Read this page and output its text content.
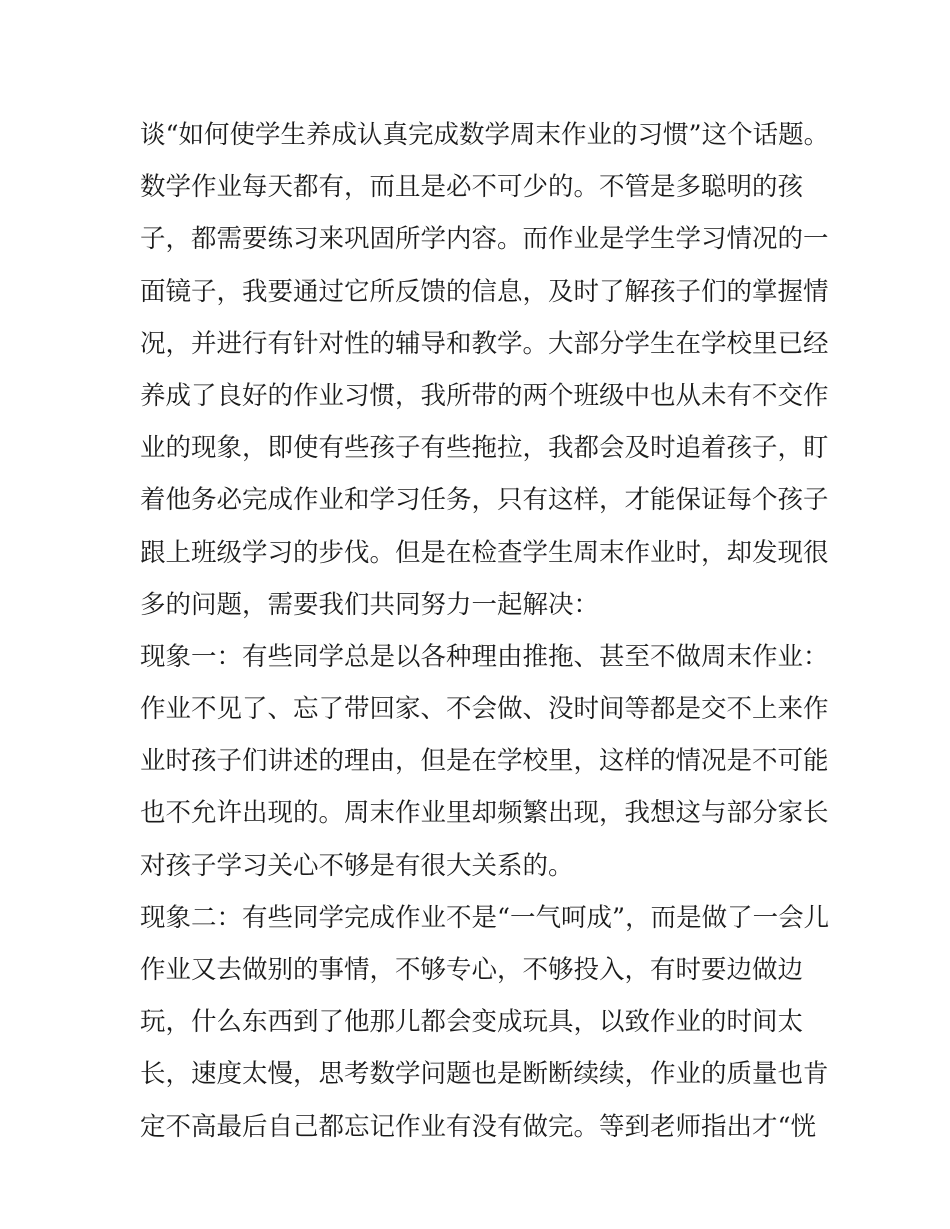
谈“如何使学生养成认真完成数学周末作业的习惯”这个话题。
数学作业每天都有，而且是必不可少的。不管是多聪明的孩
子，都需要练习来巩固所学内容。而作业是学生学习情况的一
面镜子，我要通过它所反馈的信息，及时了解孩子们的掌握情
况，并进行有针对性的辅导和教学。大部分学生在学校里已经
养成了良好的作业习惯，我所带的两个班级中也从未有不交作
业的现象，即使有些孩子有些拖拉，我都会及时追着孩子，盯
着他务必完成作业和学习任务，只有这样，才能保证每个孩子
跟上班级学习的步伐。但是在检查学生周末作业时，却发现很
多的问题，需要我们共同努力一起解决：
现象一：有些同学总是以各种理由推拖、甚至不做周末作业：
作业不见了、忘了带回家、不会做、没时间等都是交不上来作
业时孩子们讲述的理由，但是在学校里，这样的情况是不可能
也不允许出现的。周末作业里却频繁出现，我想这与部分家长
对孩子学习关心不够是有很大关系的。
现象二：有些同学完成作业不是“一气呵成”，而是做了一会儿
作业又去做别的事情，不够专心，不够投入，有时要边做边
玩，什么东西到了他那儿都会变成玩具，以致作业的时间太
长，速度太慢，思考数学问题也是断断续续，作业的质量也肯
定不高最后自己都忘记作业有没有做完。等到老师指出才“恍
